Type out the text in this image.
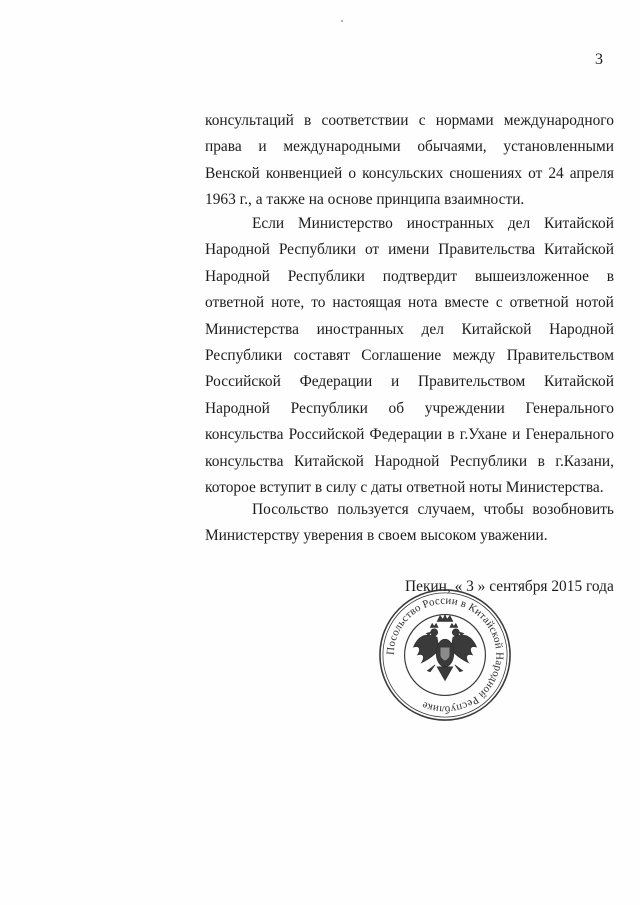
3
консультаций в соответствии с нормами международного
права и международными обычаями, установленными
Венской конвенцией о консульских сношениях от 24 апреля
1963 г., а также на основе принципа взаимности.
Если Министерство иностранных дел Китайской
Народной Республики от имени Правительства Китайской
Народной Республики подтвердит вышеизложенное в
ответной ноте, то настоящая нота вместе с ответной нотой
Министерства иностранных дел Китайской Народной
Республики составят Соглашение между Правительством
Российской Федерации и Правительством Китайской
Народной Республики об учреждении Генерального
консульства Российской Федерации в г.Ухане и Генерального
консульства Китайской Народной Республики в г.Казани,
которое вступит в силу с даты ответной ноты Министерства.
Посольство пользуется случаем, чтобы возобновить
Министерству уверения в своем высоком уважении.
Пекин, « 3 » сентября 2015 года
Посольство России в Китайской Народной Республике
